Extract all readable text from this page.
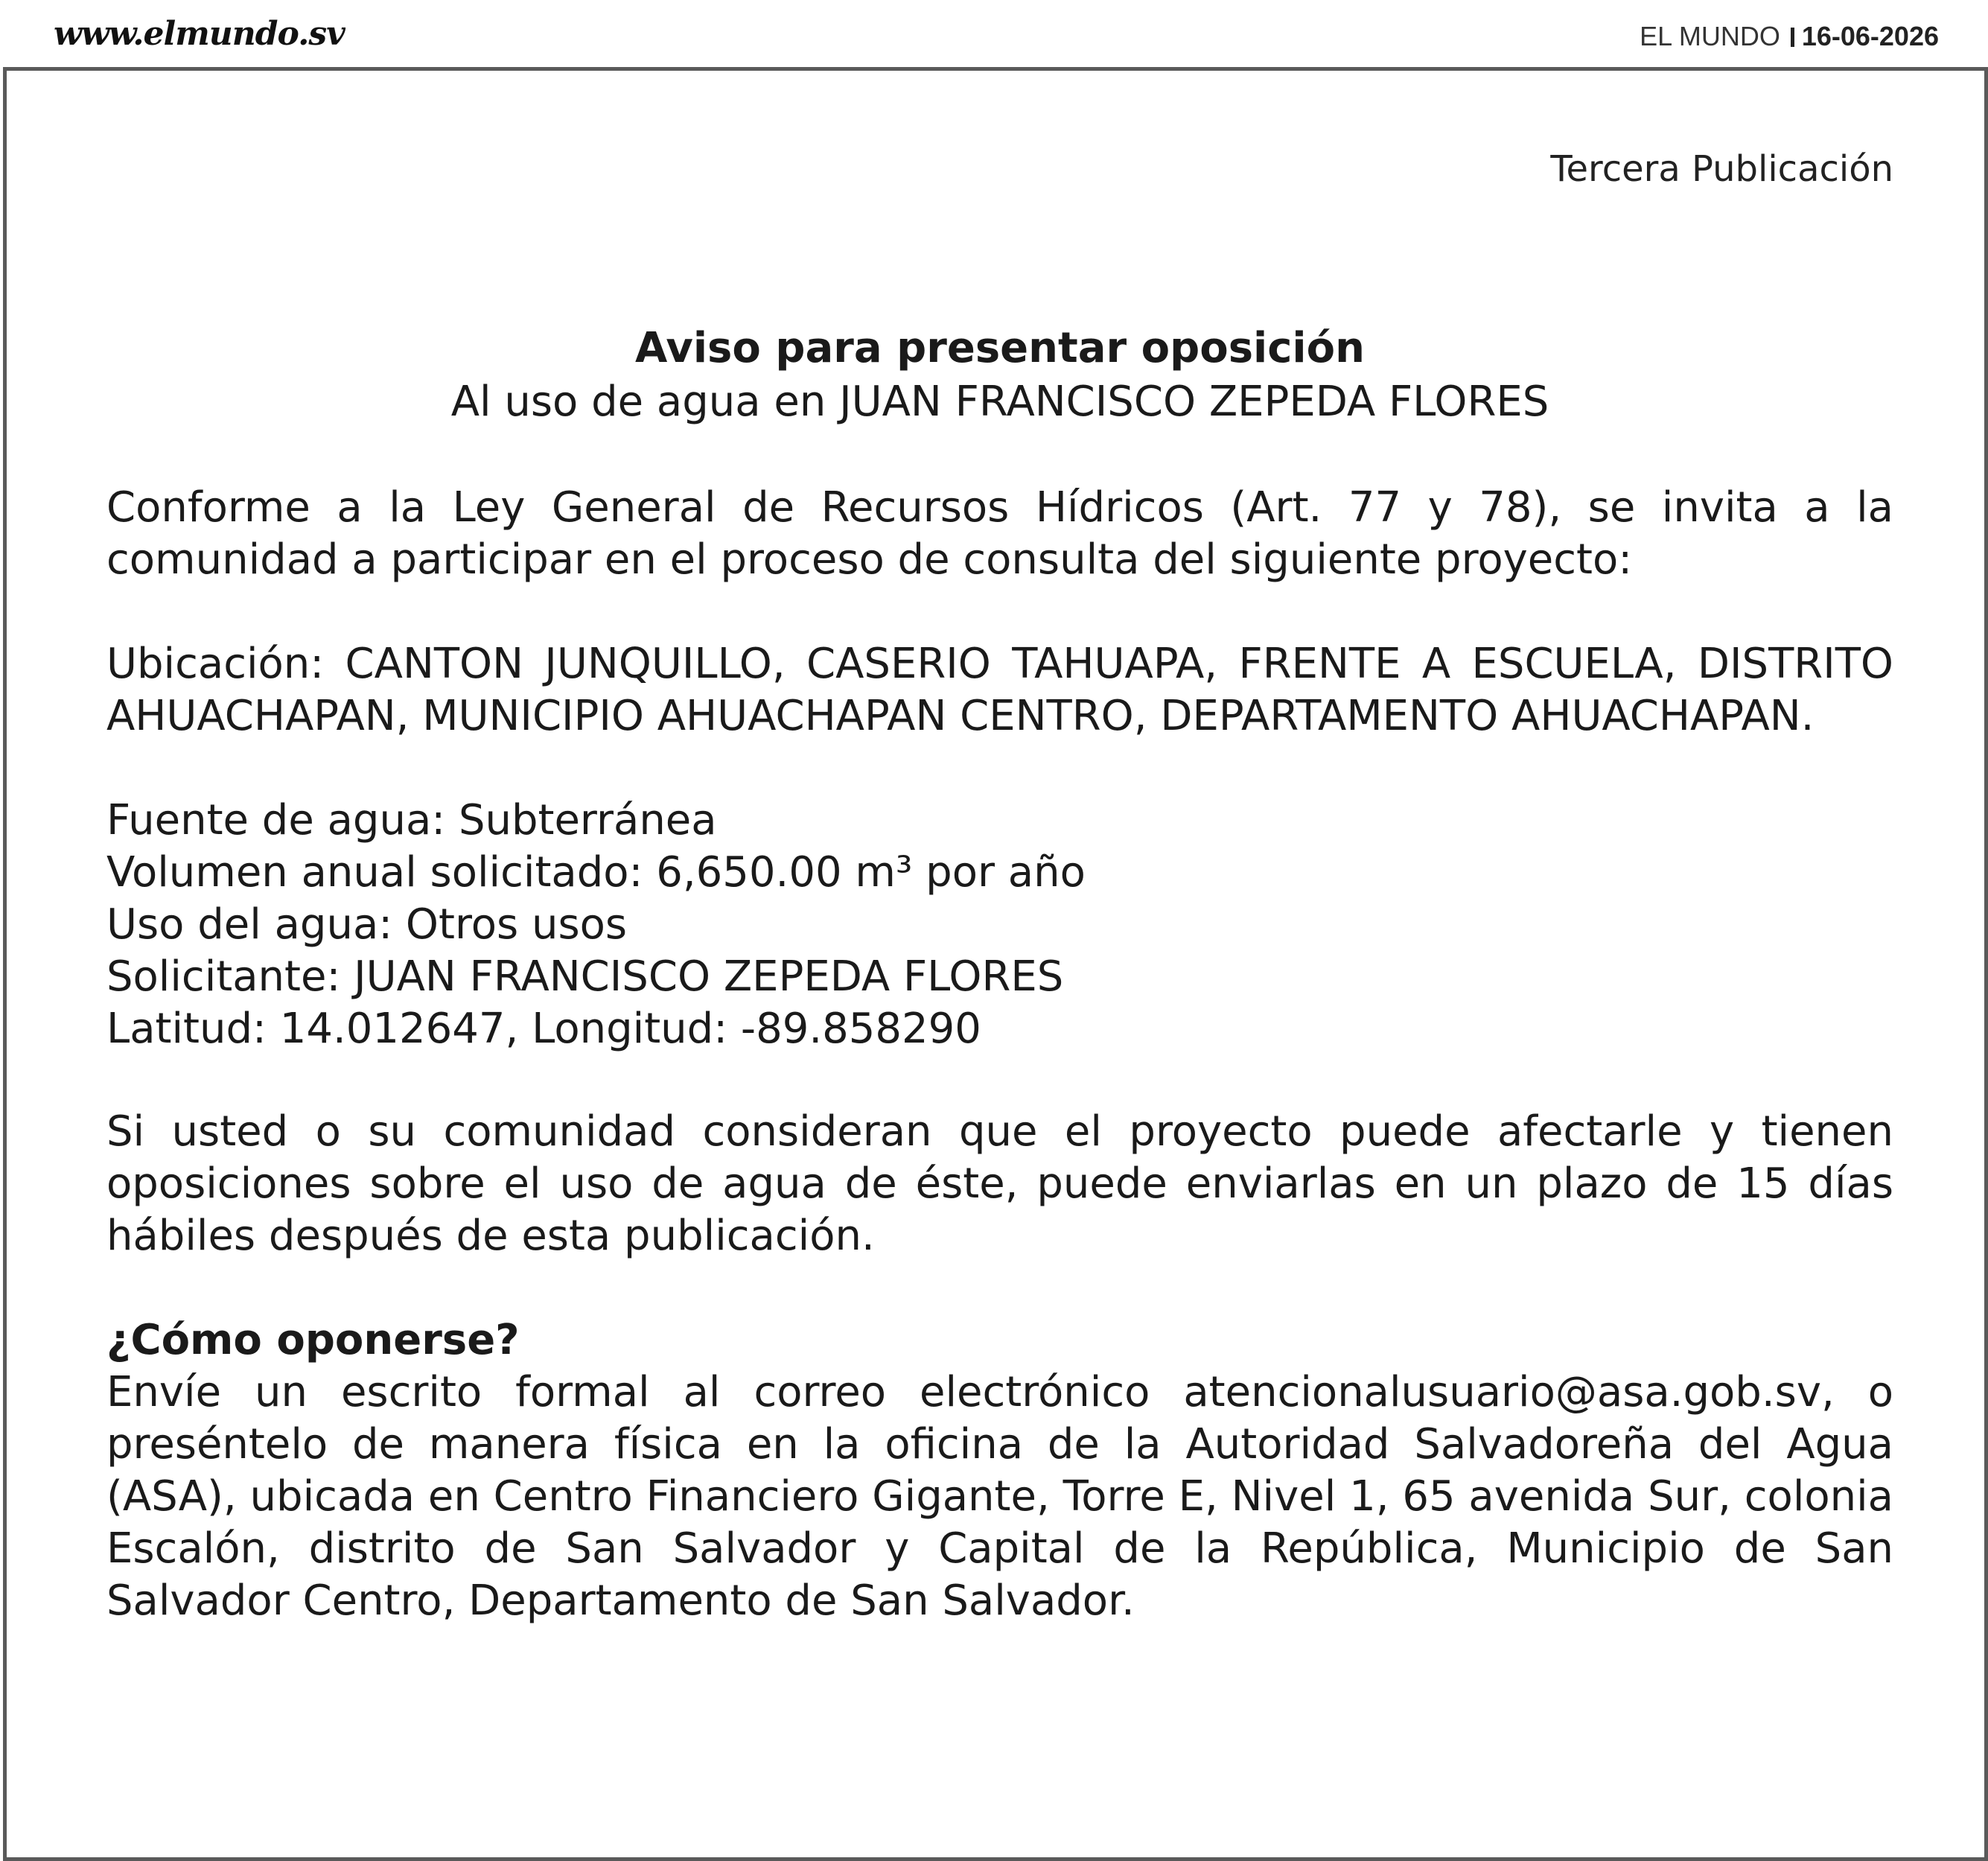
www.elmundo.sv	EL MUNDO 16-06-2026
Tercera Publicación
Aviso para presentar oposición
Al uso de agua en JUAN FRANCISCO ZEPEDA FLORES
Conforme a la Ley General de Recursos Hídricos (Art. 77 y 78), se invita a la comunidad a participar en el proceso de consulta del siguiente proyecto:
Ubicación: CANTON JUNQUILLO, CASERIO TAHUAPA, FRENTE A ESCUELA, DISTRITO AHUACHAPAN, MUNICIPIO AHUACHAPAN CENTRO, DEPARTAMENTO AHUACHAPAN.
Fuente de agua: Subterránea
Volumen anual solicitado: 6,650.00 m³ por año
Uso del agua: Otros usos
Solicitante: JUAN FRANCISCO ZEPEDA FLORES
Latitud: 14.012647, Longitud: -89.858290
Si usted o su comunidad consideran que el proyecto puede afectarle y tienen oposiciones sobre el uso de agua de éste, puede enviarlas en un plazo de 15 días hábiles después de esta publicación.
¿Cómo oponerse?
Envíe un escrito formal al correo electrónico atencionalusuario@asa.gob.sv, o preséntelo de manera física en la oficina de la Autoridad Salvadoreña del Agua (ASA), ubicada en Centro Financiero Gigante, Torre E, Nivel 1, 65 avenida Sur, colonia Escalón, distrito de San Salvador y Capital de la República, Municipio de San Salvador Centro, Departamento de San Salvador.
